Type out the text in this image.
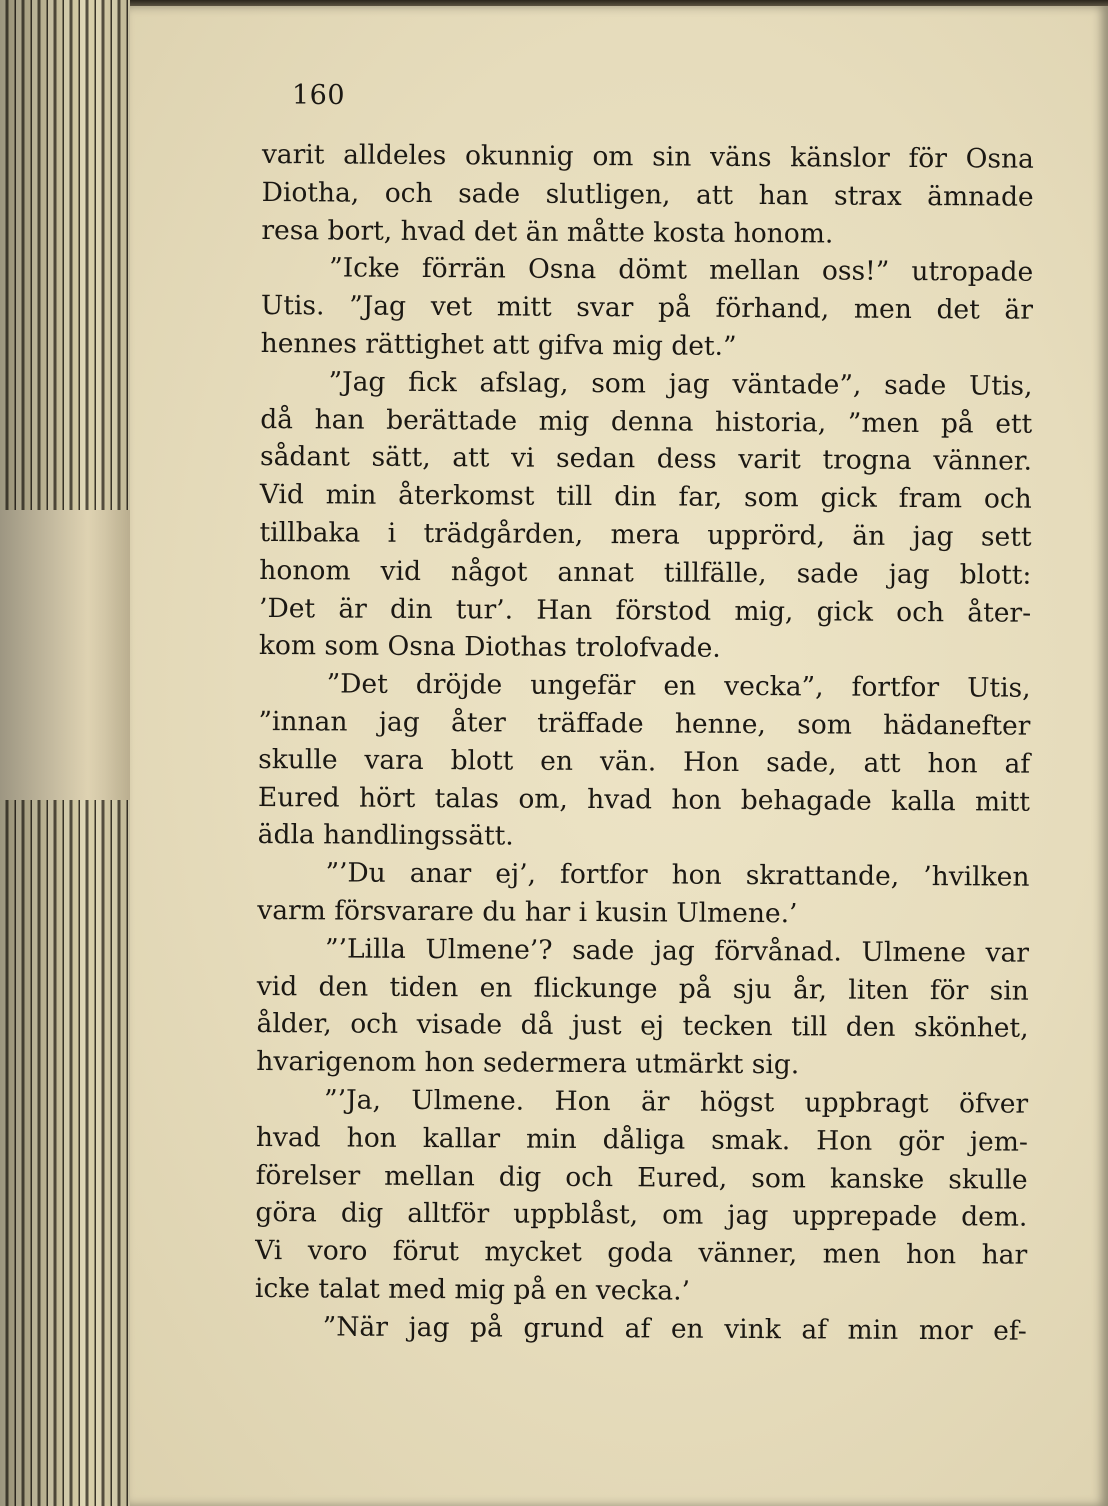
160

varit alldeles okunnig om sin väns känslor för Osna
Diotha, och sade slutligen, att han strax ämnade
resa bort, hvad det än måtte kosta honom.
”Icke förrän Osna dömt mellan oss!” utropade
Utis. ”Jag vet mitt svar på förhand, men det är
hennes rättighet att gifva mig det.”
”Jag fick afslag, som jag väntade”, sade Utis,
då han berättade mig denna historia, ”men på ett
sådant sätt, att vi sedan dess varit trogna vänner.
Vid min återkomst till din far, som gick fram och
tillbaka i trädgården, mera upprörd, än jag sett
honom vid något annat tillfälle, sade jag blott:
’Det är din tur’. Han förstod mig, gick och åter-
kom som Osna Diothas trolofvade.
”Det dröjde ungefär en vecka”, fortfor Utis,
”innan jag åter träffade henne, som hädanefter
skulle vara blott en vän. Hon sade, att hon af
Eured hört talas om, hvad hon behagade kalla mitt
ädla handlingssätt.
”’Du anar ej’, fortfor hon skrattande, ’hvilken
varm försvarare du har i kusin Ulmene.’
”’Lilla Ulmene’? sade jag förvånad. Ulmene var
vid den tiden en flickunge på sju år, liten för sin
ålder, och visade då just ej tecken till den skönhet,
hvarigenom hon sedermera utmärkt sig.
”’Ja, Ulmene. Hon är högst uppbragt öfver
hvad hon kallar min dåliga smak. Hon gör jem-
förelser mellan dig och Eured, som kanske skulle
göra dig alltför uppblåst, om jag upprepade dem.
Vi voro förut mycket goda vänner, men hon har
icke talat med mig på en vecka.’
”När jag på grund af en vink af min mor ef-
